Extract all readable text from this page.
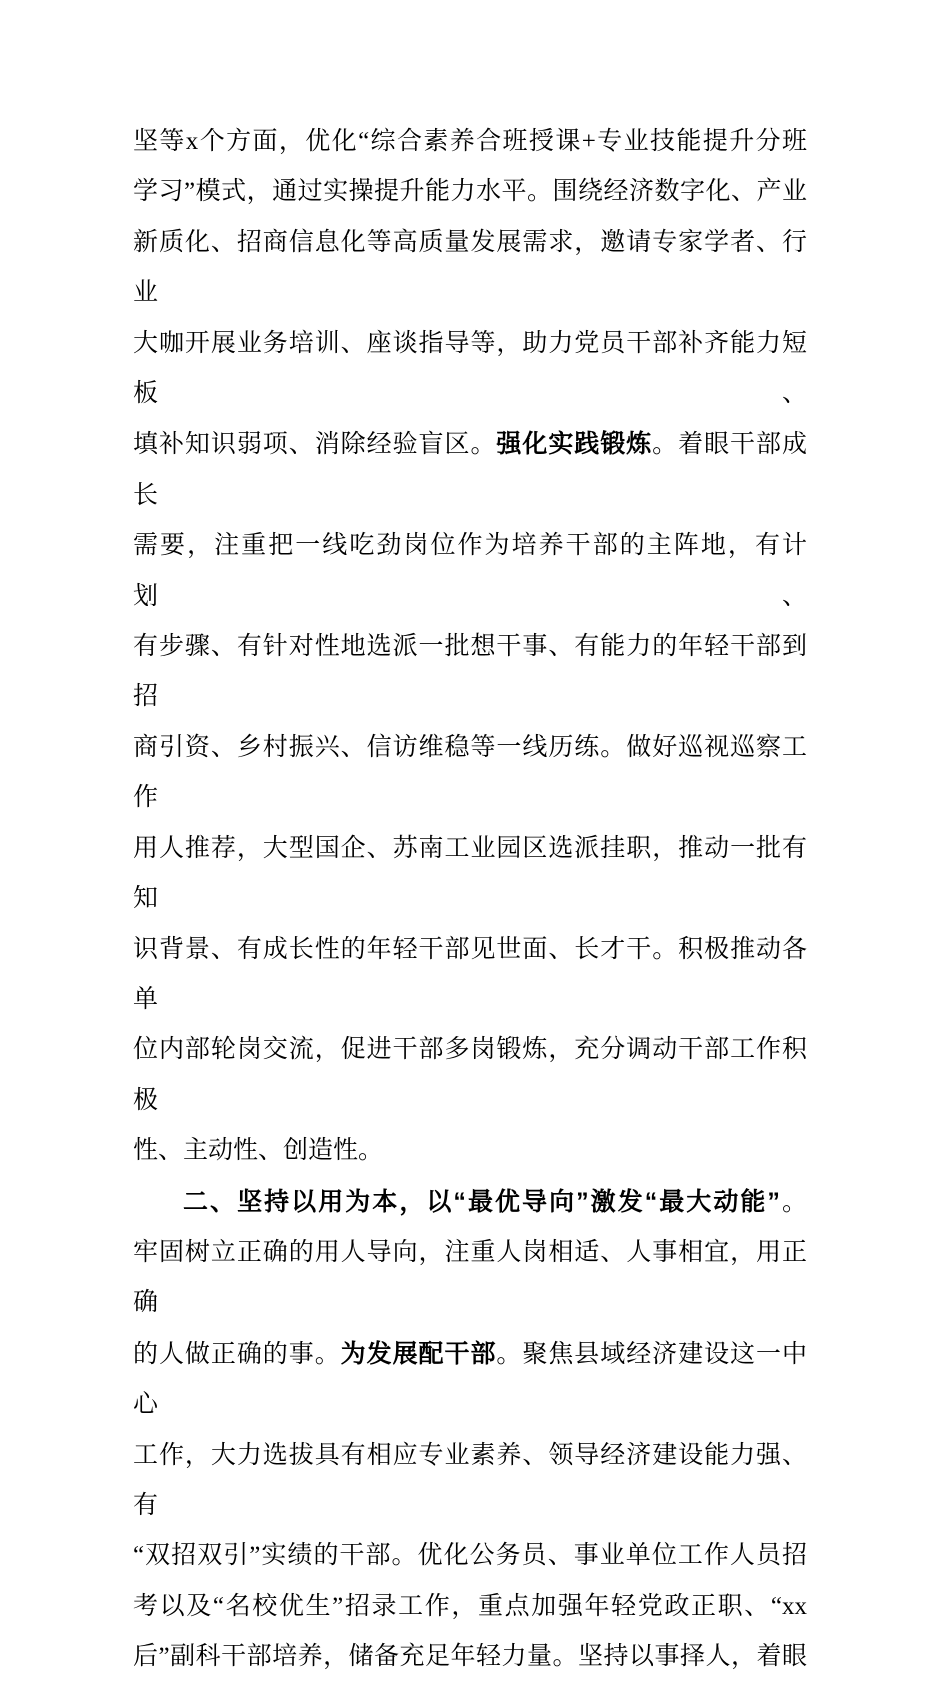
坚等x个方面，优化“综合素养合班授课+专业技能提升分班
学习”模式，通过实操提升能力水平。围绕经济数字化、产业
新质化、招商信息化等高质量发展需求，邀请专家学者、行业
大咖开展业务培训、座谈指导等，助力党员干部补齐能力短板、
填补知识弱项、消除经验盲区。强化实践锻炼。着眼干部成长
需要，注重把一线吃劲岗位作为培养干部的主阵地，有计划、
有步骤、有针对性地选派一批想干事、有能力的年轻干部到招
商引资、乡村振兴、信访维稳等一线历练。做好巡视巡察工作
用人推荐，大型国企、苏南工业园区选派挂职，推动一批有知
识背景、有成长性的年轻干部见世面、长才干。积极推动各单
位内部轮岗交流，促进干部多岗锻炼，充分调动干部工作积极
性、主动性、创造性。
二、坚持以用为本，以“最优导向”激发“最大动能”。
牢固树立正确的用人导向，注重人岗相适、人事相宜，用正确
的人做正确的事。为发展配干部。聚焦县域经济建设这一中心
工作，大力选拔具有相应专业素养、领导经济建设能力强、有
“双招双引”实绩的干部。优化公务员、事业单位工作人员招
考以及“名校优生”招录工作，重点加强年轻党政正职、“xx
后”副科干部培养，储备充足年轻力量。坚持以事择人，着眼
